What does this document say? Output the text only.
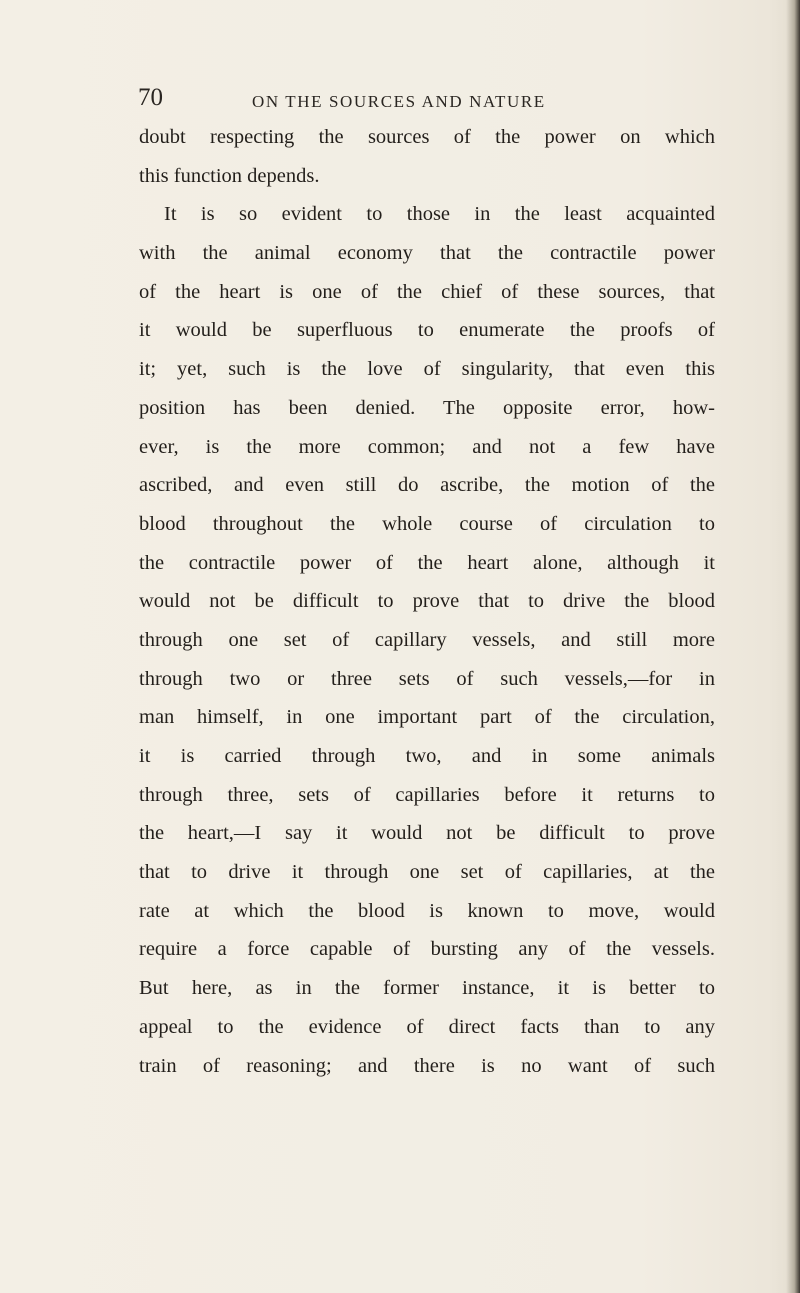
70	ON THE SOURCES AND NATURE

doubt respecting the sources of the power on which
this function depends.
It is so evident to those in the least acquainted
with the animal economy that the contractile power
of the heart is one of the chief of these sources, that
it would be superfluous to enumerate the proofs of
it; yet, such is the love of singularity, that even this
position has been denied. The opposite error, how-
ever, is the more common; and not a few have
ascribed, and even still do ascribe, the motion of the
blood throughout the whole course of circulation to
the contractile power of the heart alone, although it
would not be difficult to prove that to drive the blood
through one set of capillary vessels, and still more
through two or three sets of such vessels,—for in
man himself, in one important part of the circulation,
it is carried through two, and in some animals
through three, sets of capillaries before it returns to
the heart,—I say it would not be difficult to prove
that to drive it through one set of capillaries, at the
rate at which the blood is known to move, would
require a force capable of bursting any of the vessels.
But here, as in the former instance, it is better to
appeal to the evidence of direct facts than to any
train of reasoning; and there is no want of such
